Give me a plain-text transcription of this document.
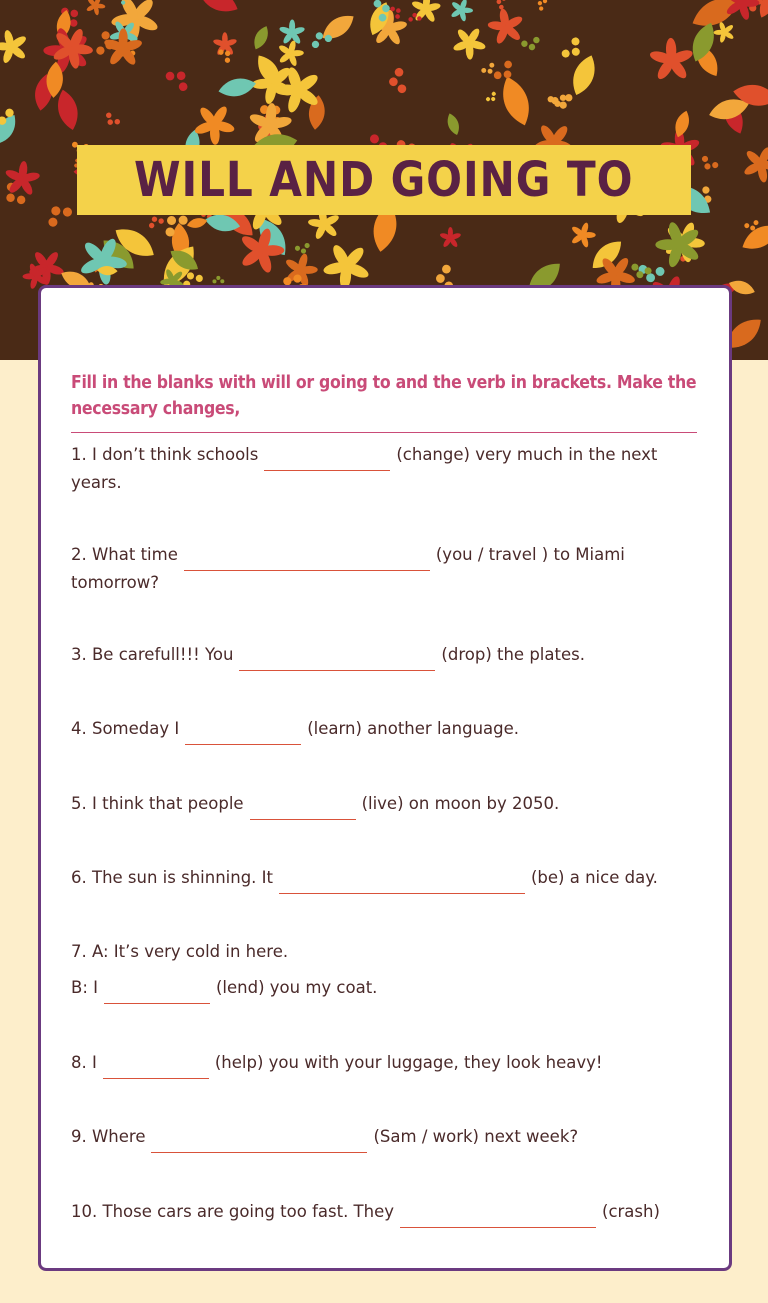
WILL AND GOING TO
Fill in the blanks with will or going to and the verb in brackets. Make the necessary changes,
1. I don’t think schools	(change) very much in the next years.
2. What time	(you / travel ) to Miami tomorrow?
3. Be carefull!!! You	(drop) the plates.
4. Someday I	(learn) another language.
5. I think that people	(live) on moon by 2050.
6. The sun is shinning. It	(be) a nice day.
7. A: It’s very cold in here.
B: I	(lend) you my coat.
8. I	(help) you with your luggage, they look heavy!
9. Where	(Sam / work) next week?
10. Those cars are going too fast. They	(crash)
